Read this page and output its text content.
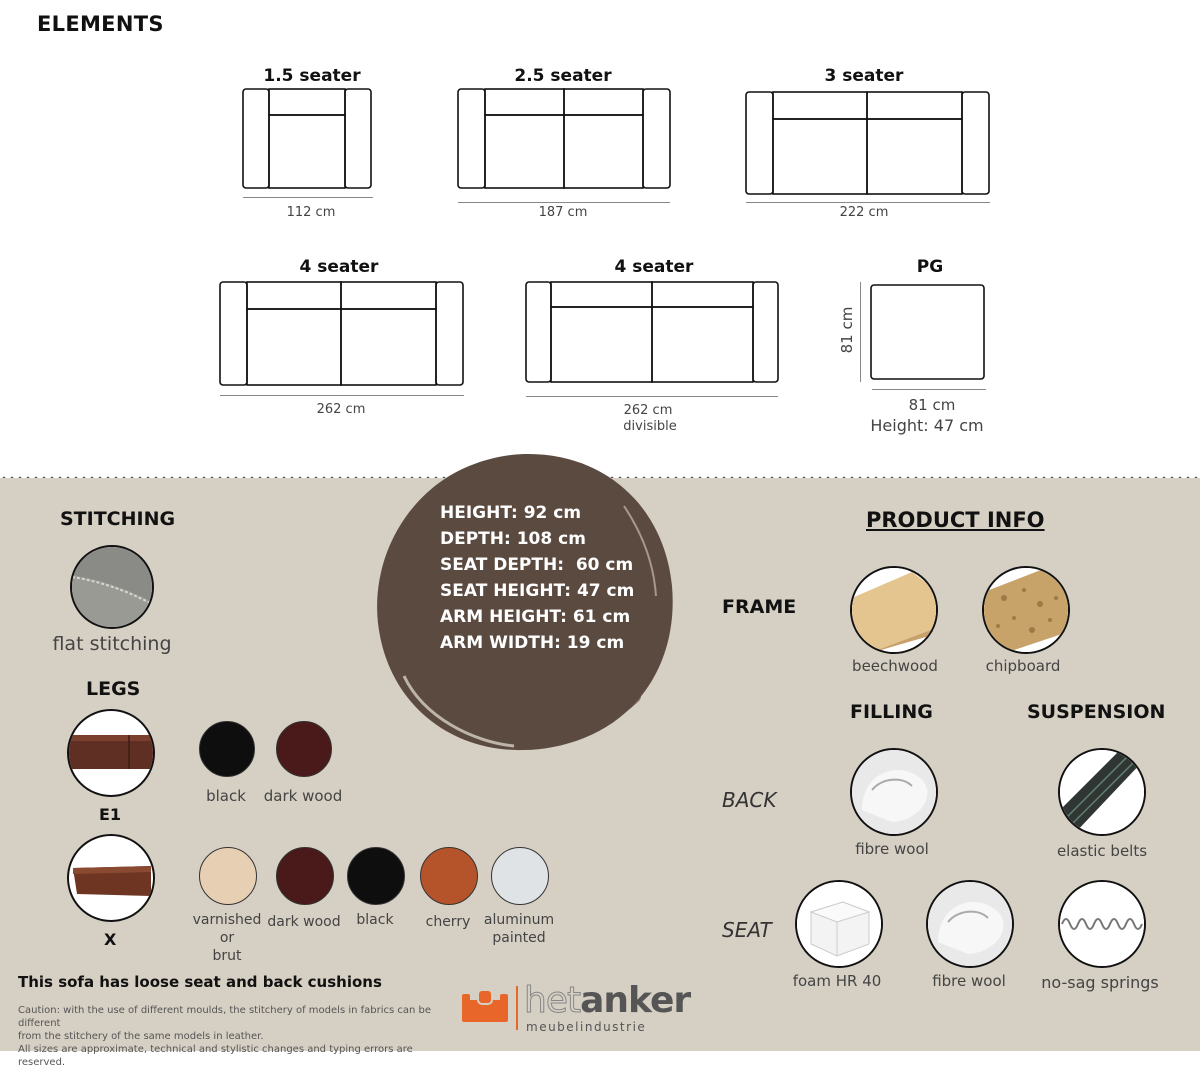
ELEMENTS
1.5 seater
112 cm
2.5 seater
187 cm
3 seater
222 cm
4 seater
262 cm
4 seater
262 cm
divisible
PG
81 cm
81 cm
Height: 47 cm
STITCHING
flat stitching
LEGS
E1
black	dark wood
X
varnished
or
brut
dark wood	black	cherry aluminum
painted
HEIGHT: 92 cm
DEPTH: 108 cm
SEAT DEPTH:  60 cm
SEAT HEIGHT: 47 cm
ARM HEIGHT: 61 cm
ARM WIDTH: 19 cm
PRODUCT INFO
FRAME
beechwood	chipboard
FILLING	SUSPENSION
BACK
fibre wool	elastic belts
SEAT
foam HR 40	fibre wool	no-sag springs
This sofa has loose seat and back cushions
Caution: with the use of different moulds, the stitchery of models in fabrics can be different
from the stitchery of the same models in leather.
All sizes are approximate, technical and stylistic changes and typing errors are reserved.
hetanker
meubelindustrie
